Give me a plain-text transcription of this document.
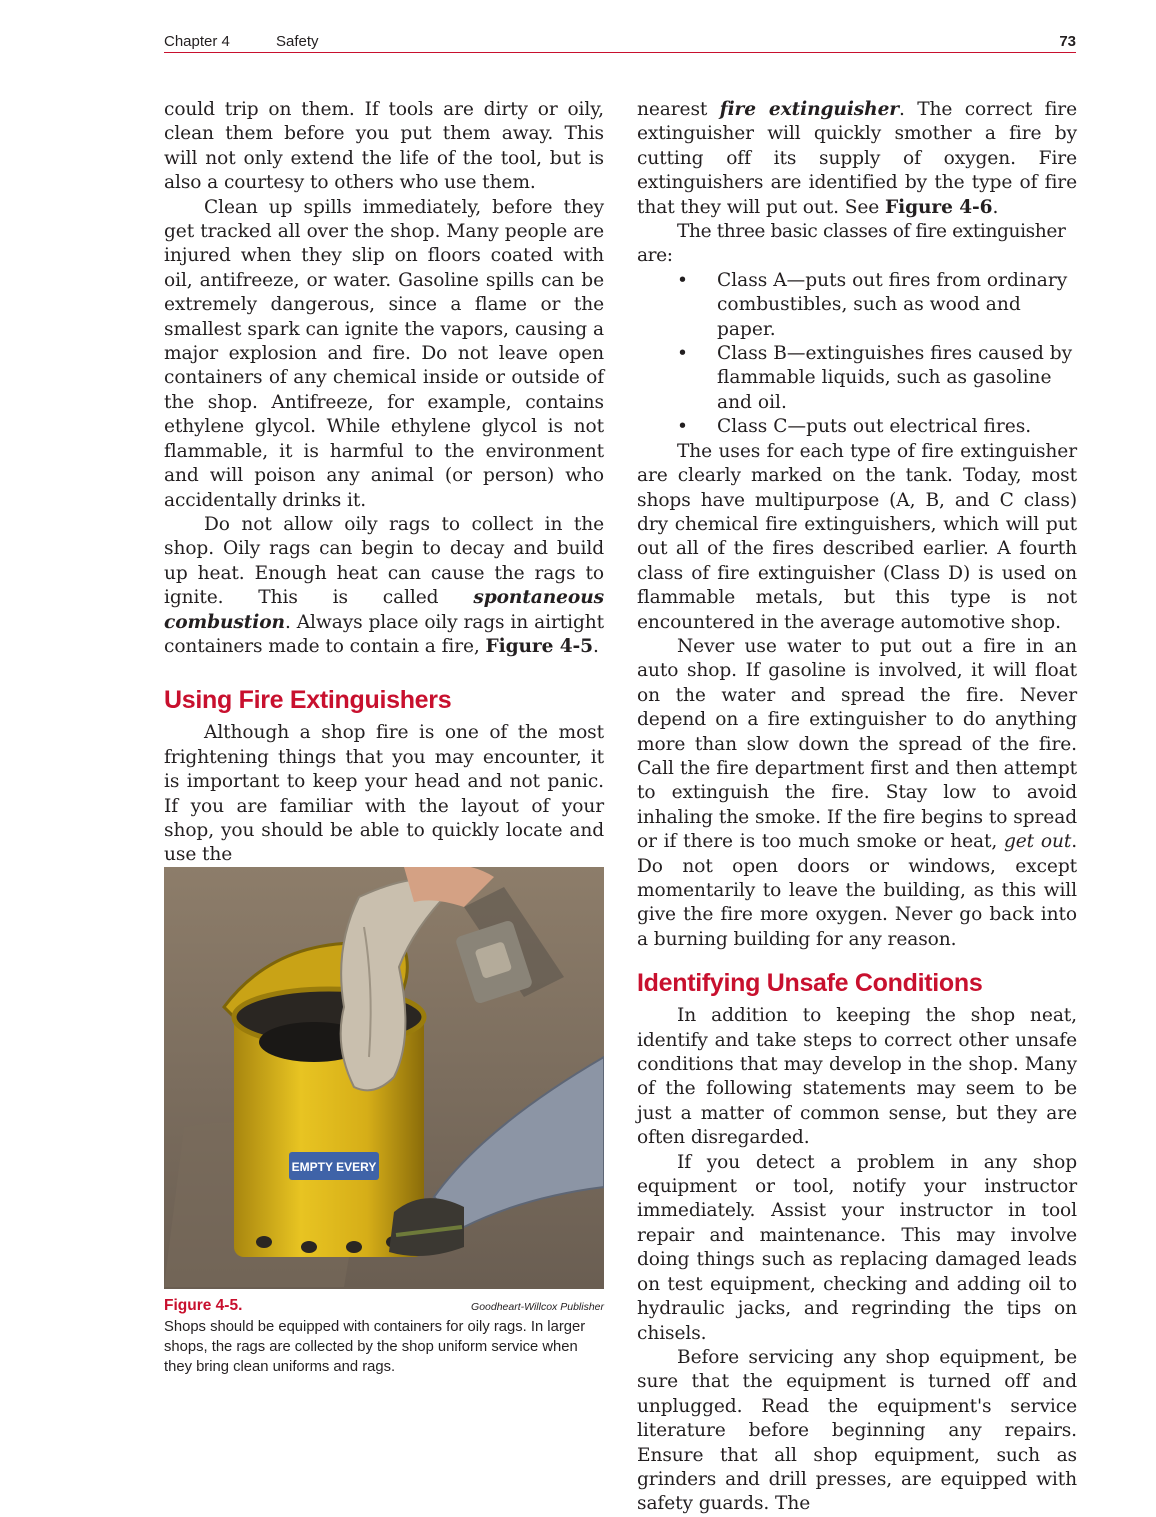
Chapter 4	Safety	73

could trip on them. If tools are dirty or oily, clean them before you put them away. This will not only extend the life of the tool, but is also a courtesy to others who use them.

Clean up spills immediately, before they get tracked all over the shop. Many people are injured when they slip on floors coated with oil, antifreeze, or water. Gasoline spills can be extremely dangerous, since a flame or the smallest spark can ignite the vapors, causing a major explosion and fire. Do not leave open containers of any chemical inside or outside of the shop. Antifreeze, for example, contains ethylene glycol. While ethylene glycol is not flammable, it is harmful to the environment and will poison any animal (or person) who accidentally drinks it.

Do not allow oily rags to collect in the shop. Oily rags can begin to decay and build up heat. Enough heat can cause the rags to ignite. This is called spontaneous combustion. Always place oily rags in airtight containers made to contain a fire, Figure 4-5.

Using Fire Extinguishers

Although a shop fire is one of the most frightening things that you may encounter, it is important to keep your head and not panic. If you are familiar with the layout of your shop, you should be able to quickly locate and use the

EMPTY EVERY
Figure 4-5.	Goodheart-Willcox Publisher
Shops should be equipped with containers for oily rags. In larger shops, the rags are collected by the shop uniform service when they bring clean uniforms and rags.

nearest fire extinguisher. The correct fire extinguisher will quickly smother a fire by cutting off its supply of oxygen. Fire extinguishers are identified by the type of fire that they will put out. See Figure 4-6.

The three basic classes of fire extinguisher are:

• Class A—puts out fires from ordinary combustibles, such as wood and paper.
• Class B—extinguishes fires caused by flammable liquids, such as gasoline and oil.
• Class C—puts out electrical fires.

The uses for each type of fire extinguisher are clearly marked on the tank. Today, most shops have multipurpose (A, B, and C class) dry chemical fire extinguishers, which will put out all of the fires described earlier. A fourth class of fire extinguisher (Class D) is used on flammable metals, but this type is not encountered in the average automotive shop.

Never use water to put out a fire in an auto shop. If gasoline is involved, it will float on the water and spread the fire. Never depend on a fire extinguisher to do anything more than slow down the spread of the fire. Call the fire department first and then attempt to extinguish the fire. Stay low to avoid inhaling the smoke. If the fire begins to spread or if there is too much smoke or heat, get out. Do not open doors or windows, except momentarily to leave the building, as this will give the fire more oxygen. Never go back into a burning building for any reason.

Identifying Unsafe Conditions

In addition to keeping the shop neat, identify and take steps to correct other unsafe conditions that may develop in the shop. Many of the following statements may seem to be just a matter of common sense, but they are often disregarded.

If you detect a problem in any shop equipment or tool, notify your instructor immediately. Assist your instructor in tool repair and maintenance. This may involve doing things such as replacing damaged leads on test equipment, checking and adding oil to hydraulic jacks, and regrinding the tips on chisels.

Before servicing any shop equipment, be sure that the equipment is turned off and unplugged. Read the equipment's service literature before beginning any repairs. Ensure that all shop equipment, such as grinders and drill presses, are equipped with safety guards. The
